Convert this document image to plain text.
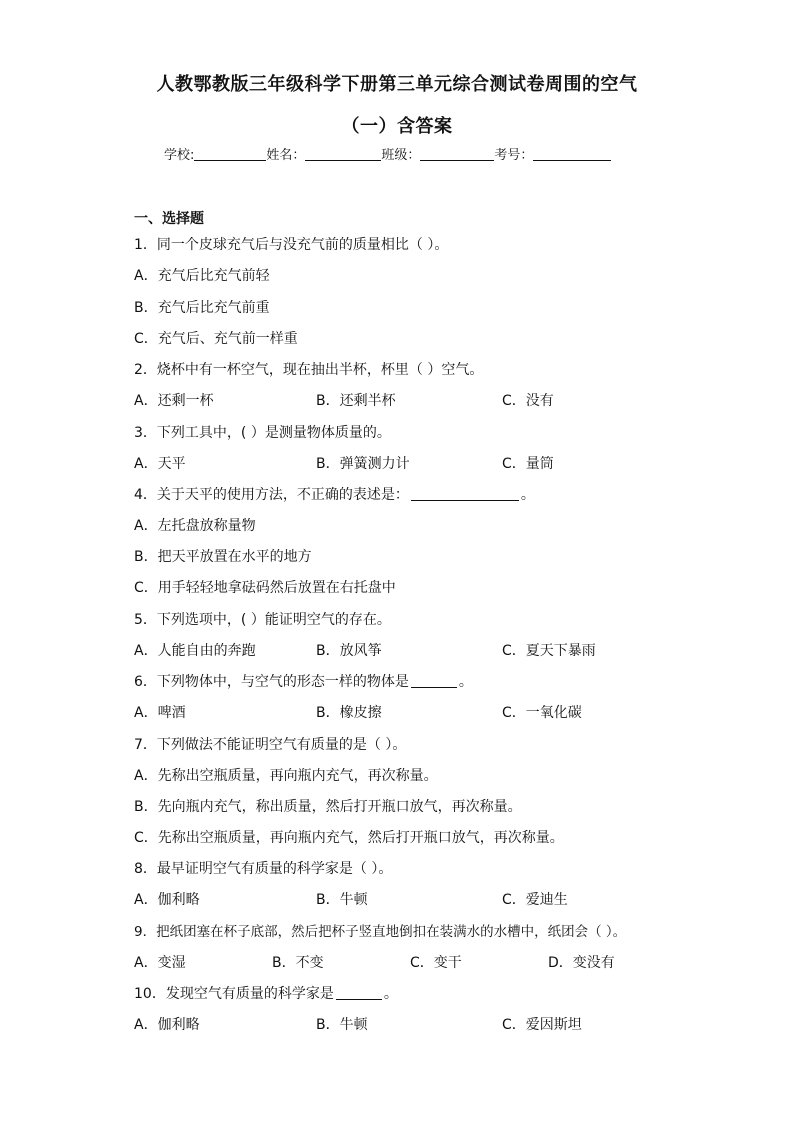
人教鄂教版三年级科学下册第三单元综合测试卷周围的空气
（一）含答案
学校:	姓名：	班级：	考号：
一、选择题
1．同一个皮球充气后与没充气前的质量相比（ ）。
A．充气后比充气前轻
B．充气后比充气前重
C．充气后、充气前一样重
2．烧杯中有一杯空气，现在抽出半杯，杯里（ ）空气。
A．还剩一杯	B．还剩半杯	C．没有
3．下列工具中，( ）是测量物体质量的。
A．天平	B．弹簧测力计	C．量筒
4．关于天平的使用方法，不正确的表述是：	。
A．左托盘放称量物
B．把天平放置在水平的地方
C．用手轻轻地拿砝码然后放置在右托盘中
5．下列选项中，( ）能证明空气的存在。
A．人能自由的奔跑	B．放风筝	C．夏天下暴雨
6．下列物体中，与空气的形态一样的物体是	。
A．啤酒	B．橡皮擦	C．一氧化碳
7．下列做法不能证明空气有质量的是（ ）。
A．先称出空瓶质量，再向瓶内充气，再次称量。
B．先向瓶内充气，称出质量，然后打开瓶口放气，再次称量。
C．先称出空瓶质量，再向瓶内充气，然后打开瓶口放气，再次称量。
8．最早证明空气有质量的科学家是（ ）。
A．伽利略	B．牛顿	C．爱迪生
9．把纸团塞在杯子底部，然后把杯子竖直地倒扣在装满水的水槽中，纸团会（ ）。
A．变湿	B．不变	C．变干	D．变没有
10．发现空气有质量的科学家是	。
A．伽利略	B．牛顿	C．爱因斯坦
